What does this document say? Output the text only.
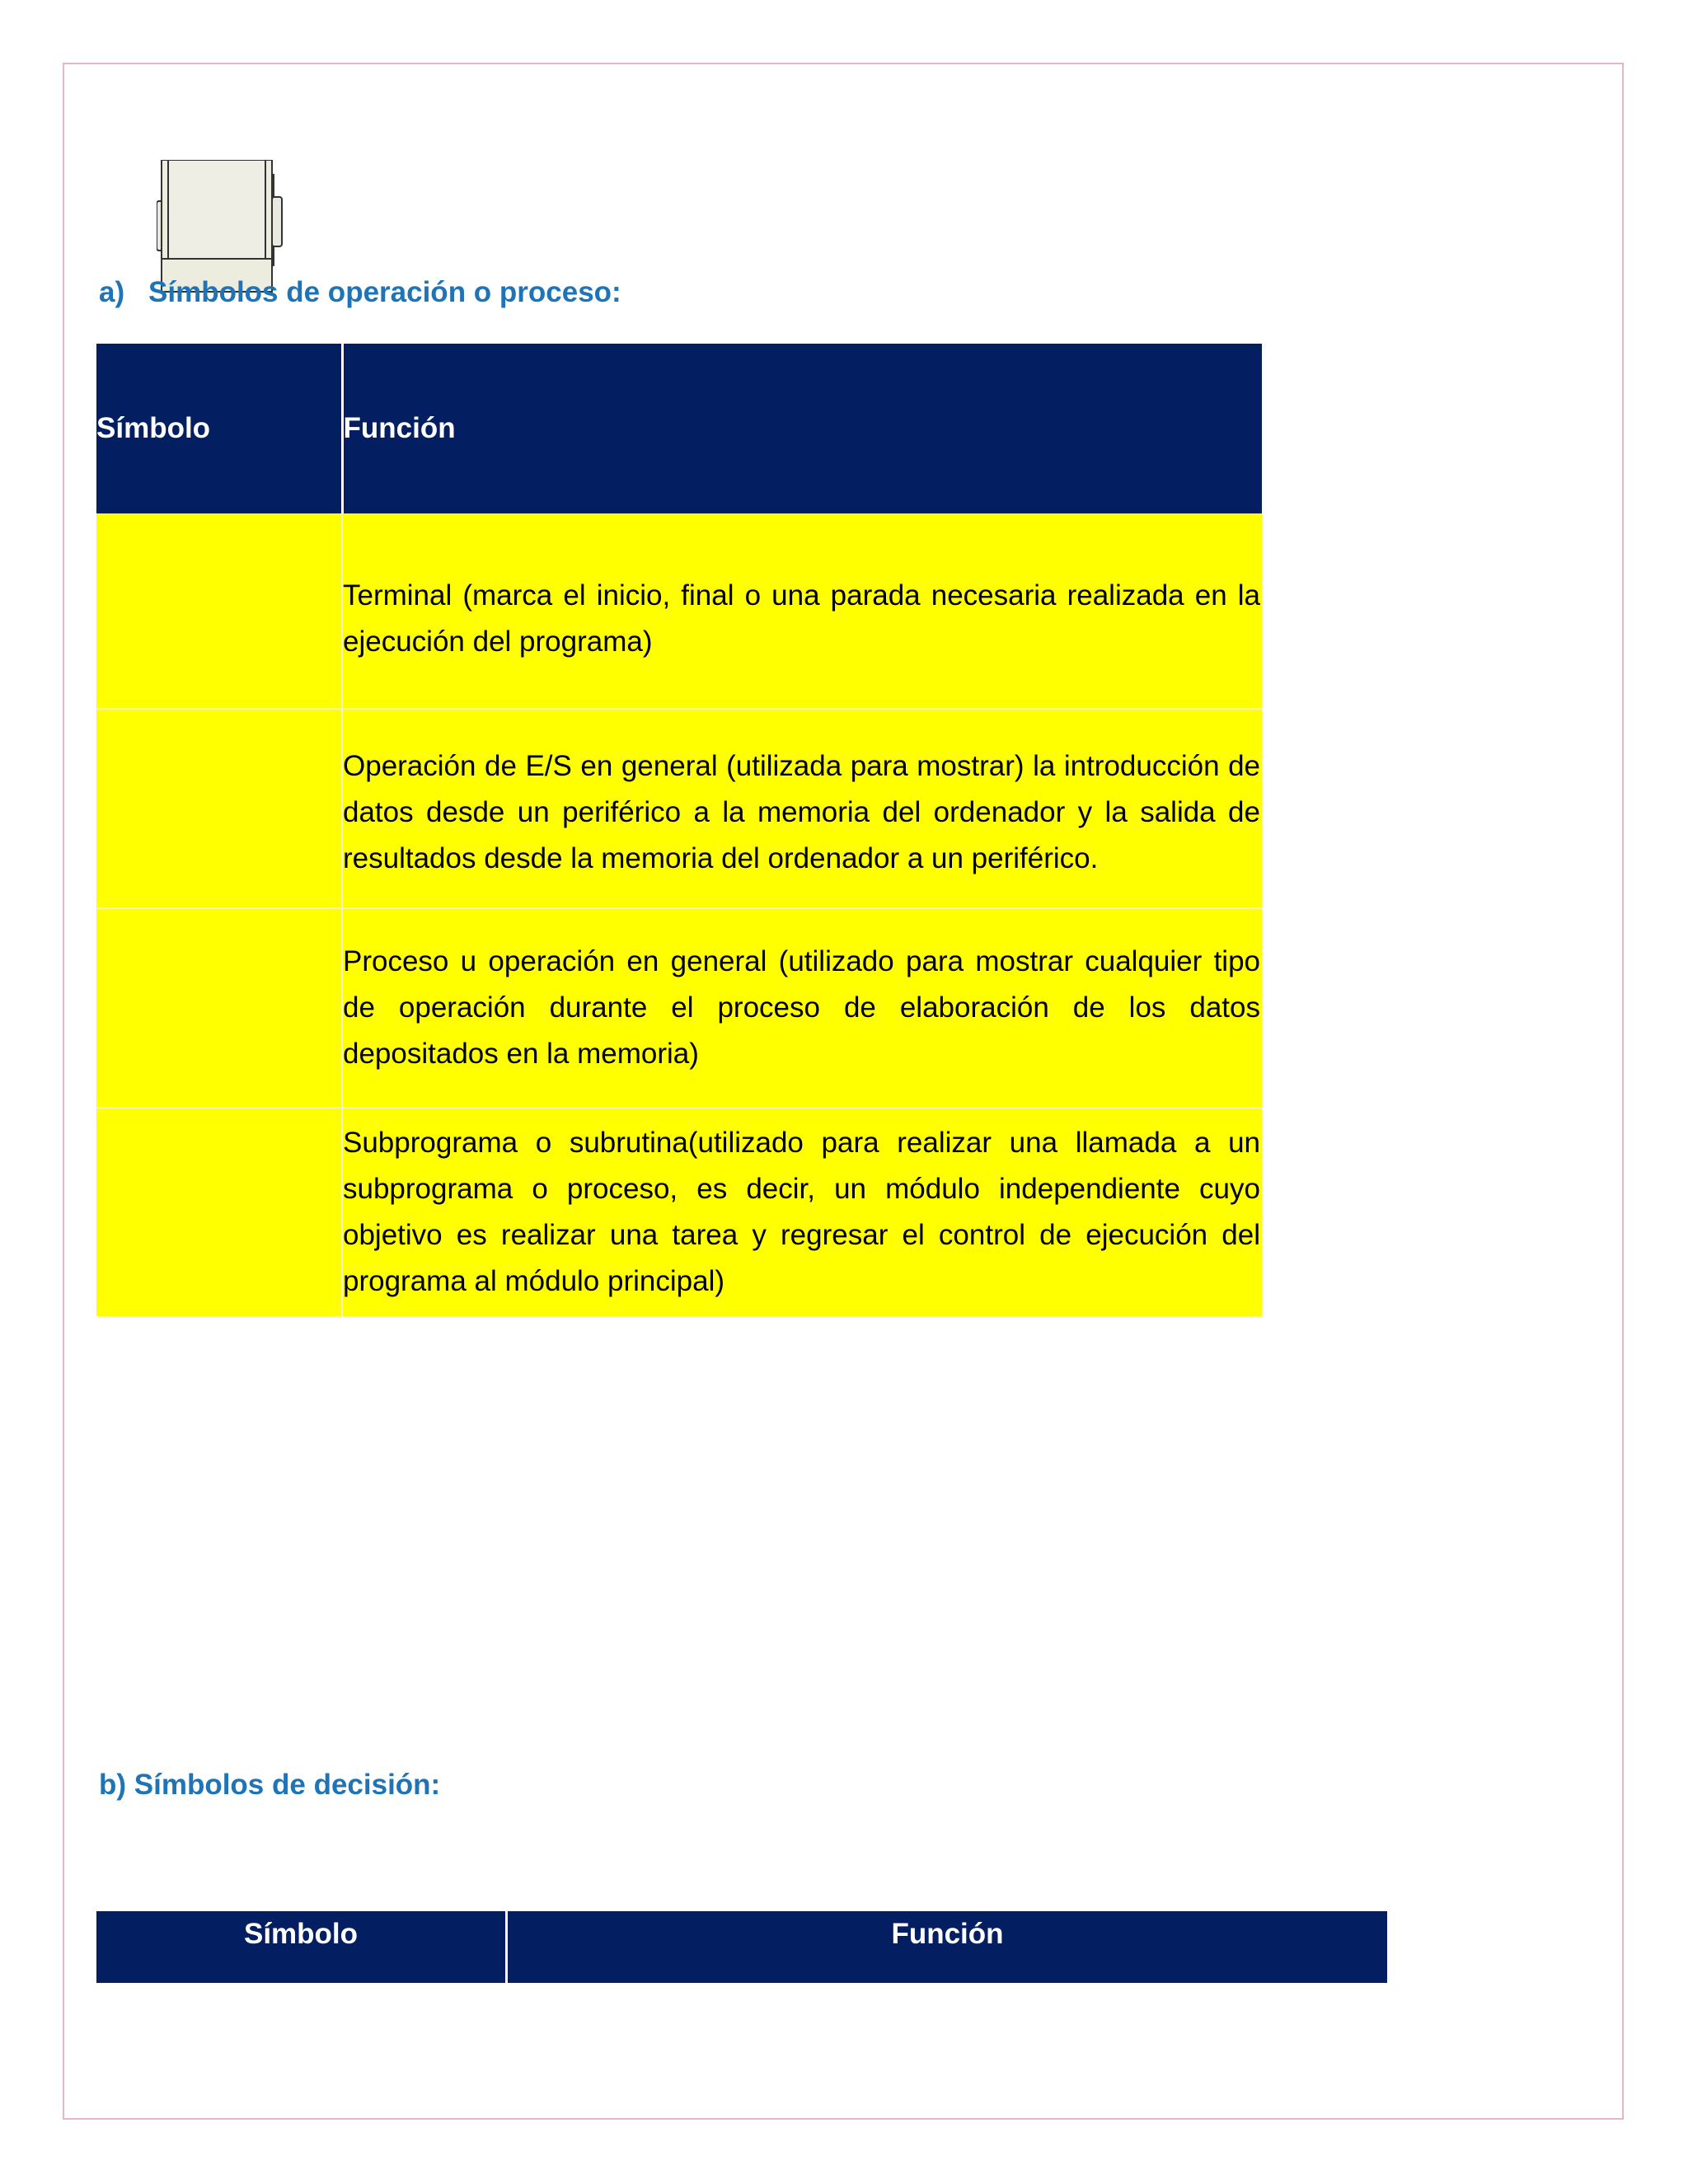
a) Símbolos de operación o proceso:
Símbolo	Función

	Terminal (marca el inicio, final o una parada necesaria realizada en la ejecución del programa)

	Operación de E/S en general (utilizada para mostrar) la introducción de datos desde un periférico a la memoria del ordenador y la salida de resultados desde la memoria del ordenador a un periférico.

	Proceso u operación en general (utilizado para mostrar cualquier tipo de operación durante el proceso de elaboración de los datos depositados en la memoria)

	Subprograma o subrutina(utilizado para realizar una llamada a un subprograma o proceso, es decir, un módulo independiente cuyo objetivo es realizar una tarea y regresar el control de ejecución del programa al módulo principal)
b) Símbolos de decisión:
Símbolo	Función
